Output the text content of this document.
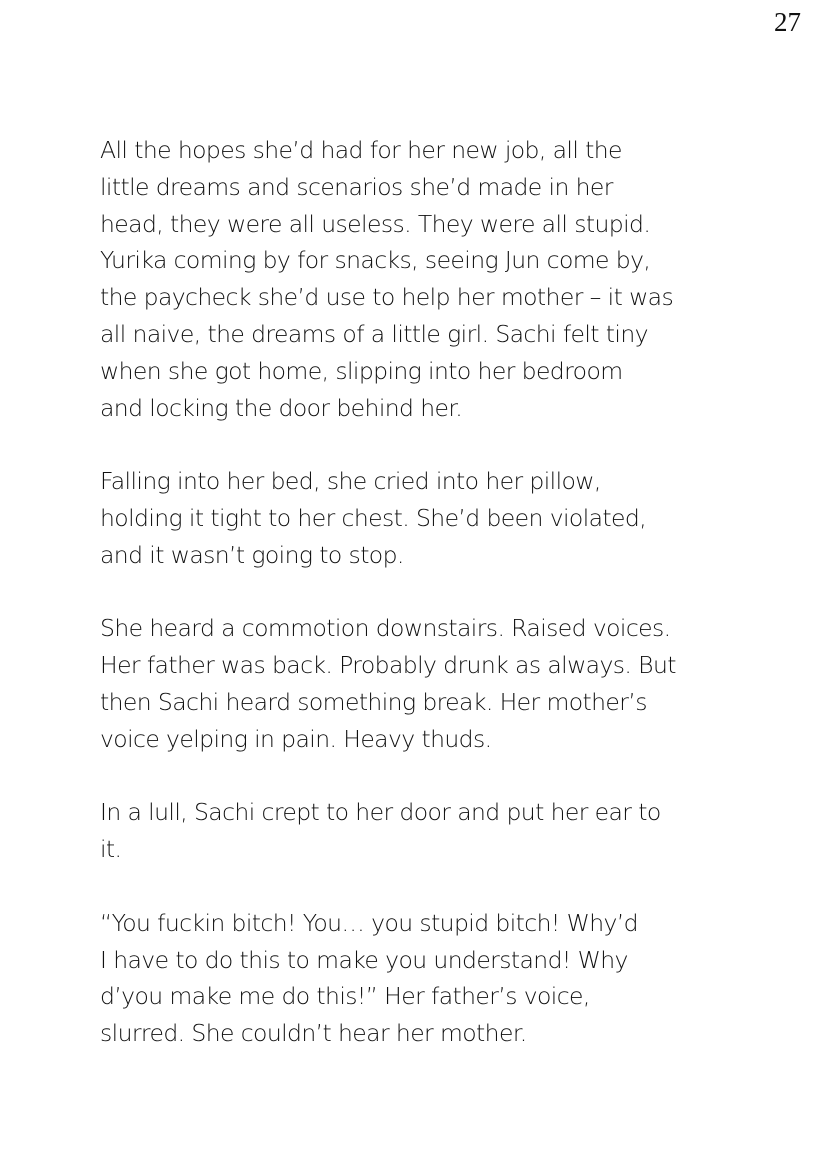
27

All the hopes she’d had for her new job, all the
little dreams and scenarios she’d made in her
head, they were all useless. They were all stupid.
Yurika coming by for snacks, seeing Jun come by,
the paycheck she’d use to help her mother – it was
all naive, the dreams of a little girl. Sachi felt tiny
when she got home, slipping into her bedroom
and locking the door behind her.

Falling into her bed, she cried into her pillow,
holding it tight to her chest. She’d been violated,
and it wasn’t going to stop.

She heard a commotion downstairs. Raised voices.
Her father was back. Probably drunk as always. But
then Sachi heard something break. Her mother’s
voice yelping in pain. Heavy thuds.

In a lull, Sachi crept to her door and put her ear to
it.

“You fuckin bitch! You… you stupid bitch! Why’d
I have to do this to make you understand! Why
d’you make me do this!” Her father’s voice,
slurred. She couldn’t hear her mother.
